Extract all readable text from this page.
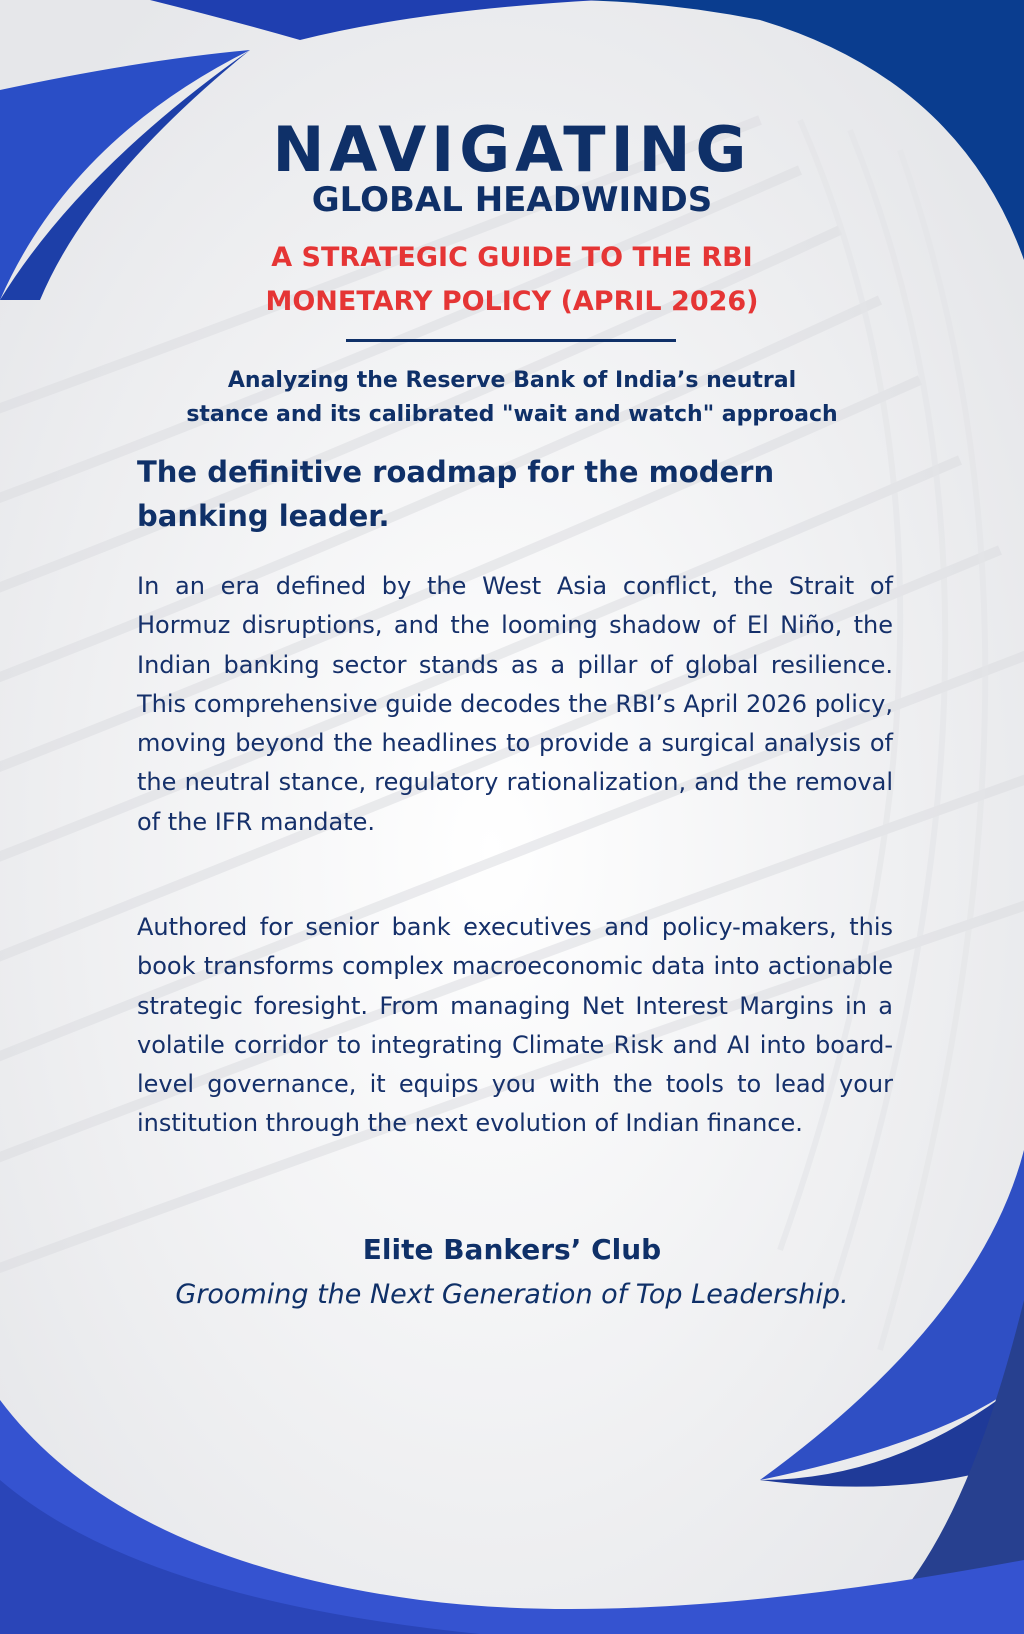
NAVIGATING
GLOBAL HEADWINDS
A STRATEGIC GUIDE TO THE RBI
MONETARY POLICY (APRIL 2026)
Analyzing the Reserve Bank of India’s neutral
stance and its calibrated "wait and watch" approach
The definitive roadmap for the modern
banking leader.

In an era defined by the West Asia conflict, the Strait of Hormuz disruptions, and the looming shadow of El Niño, the Indian banking sector stands as a pillar of global resilience. This comprehensive guide decodes the RBI’s April 2026 policy, moving beyond the headlines to provide a surgical analysis of the neutral stance, regulatory rationalization, and the removal of the IFR mandate.

Authored for senior bank executives and policy-makers, this book transforms complex macroeconomic data into actionable strategic foresight. From managing Net Interest Margins in a volatile corridor to integrating Climate Risk and AI into board-level governance, it equips you with the tools to lead your institution through the next evolution of Indian finance.

Elite Bankers’ Club
Grooming the Next Generation of Top Leadership.
